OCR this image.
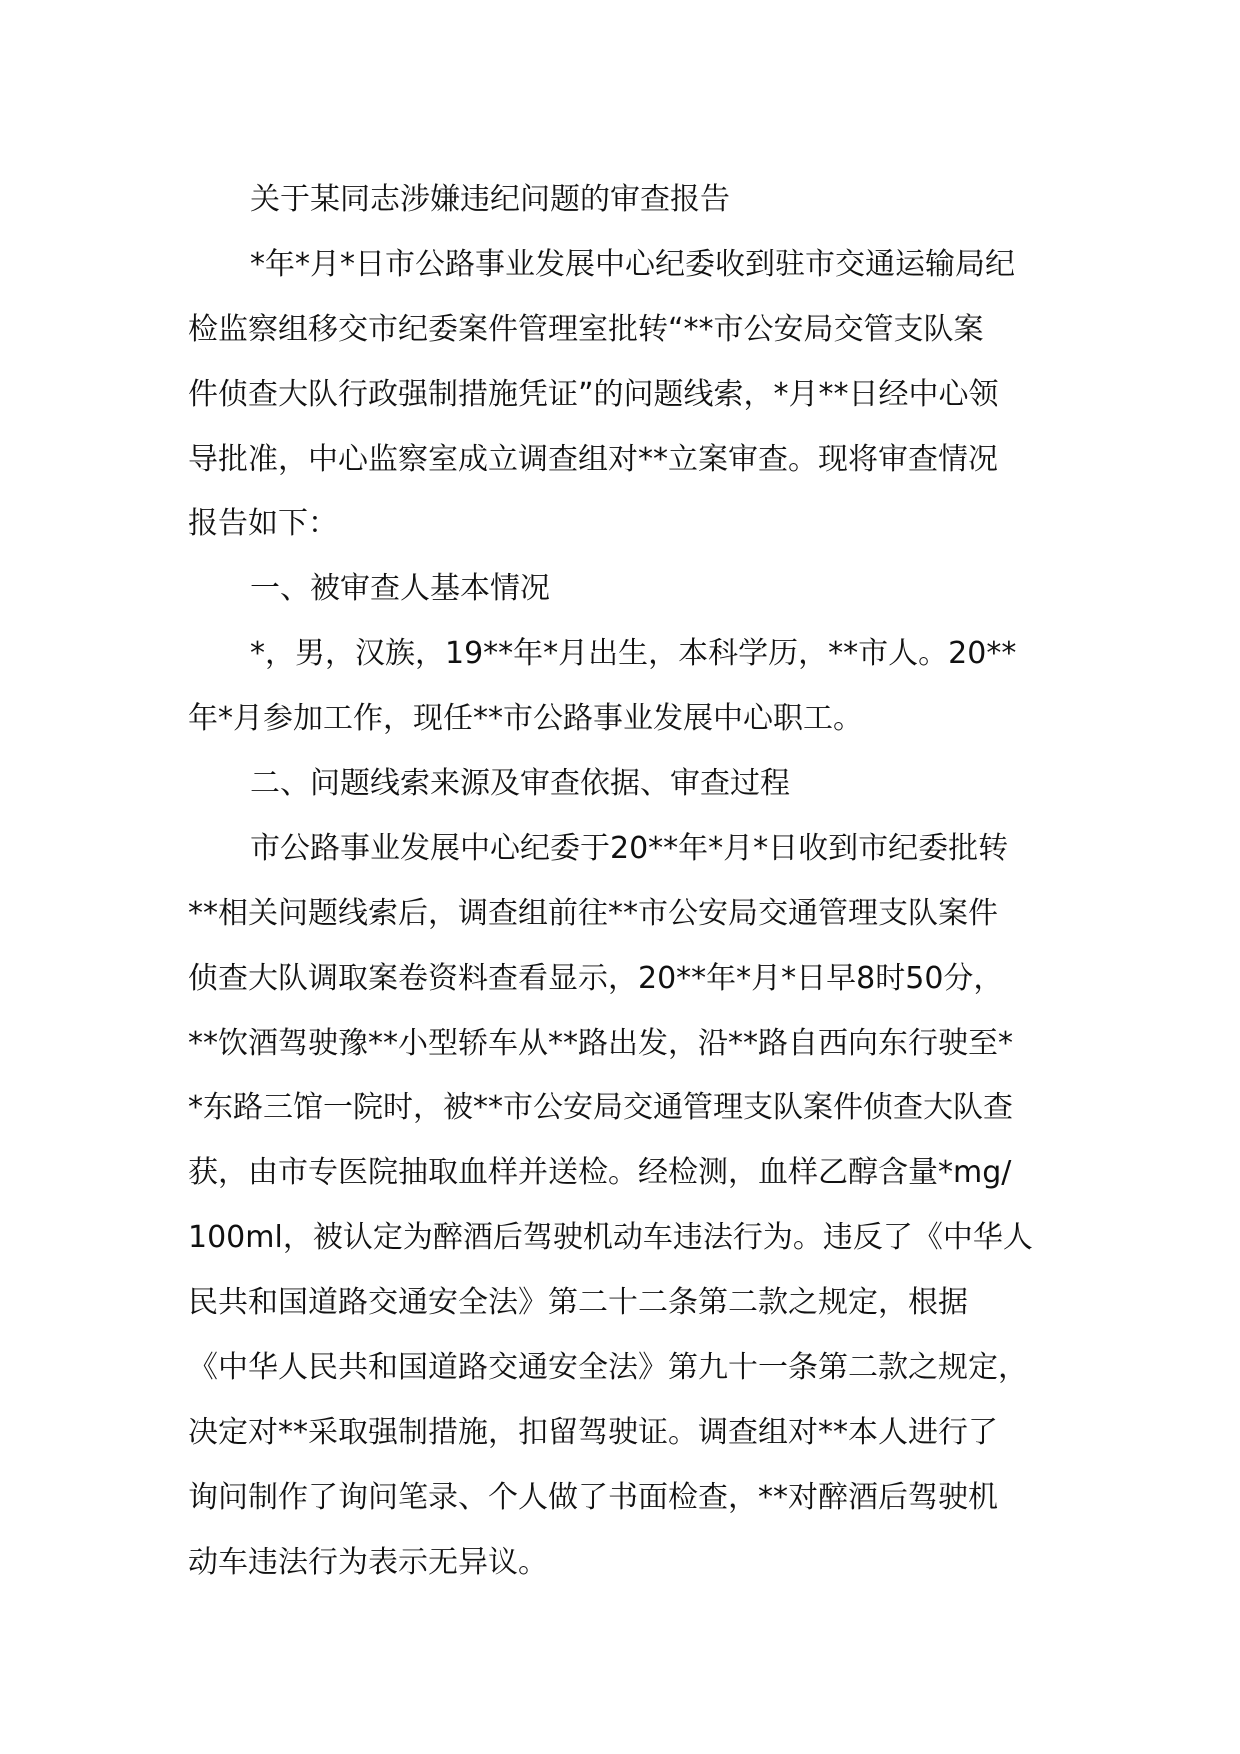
关于某同志涉嫌违纪问题的审查报告
*年*月*日市公路事业发展中心纪委收到驻市交通运输局纪
检监察组移交市纪委案件管理室批转“**市公安局交管支队案
件侦查大队行政强制措施凭证”的问题线索，*月**日经中心领
导批准，中心监察室成立调查组对**立案审查。现将审查情况
报告如下：
一、被审查人基本情况
*，男，汉族，19**年*月出生，本科学历，**市人。20**
年*月参加工作，现任**市公路事业发展中心职工。
二、问题线索来源及审查依据、审查过程
市公路事业发展中心纪委于20**年*月*日收到市纪委批转
**相关问题线索后，调查组前往**市公安局交通管理支队案件
侦查大队调取案卷资料查看显示，20**年*月*日早8时50分，
**饮酒驾驶豫**小型轿车从**路出发，沿**路自西向东行驶至*
*东路三馆一院时，被**市公安局交通管理支队案件侦查大队查
获，由市专医院抽取血样并送检。经检测，血样乙醇含量*mg/
100ml，被认定为醉酒后驾驶机动车违法行为。违反了《中华人
民共和国道路交通安全法》第二十二条第二款之规定，根据
《中华人民共和国道路交通安全法》第九十一条第二款之规定，
决定对**采取强制措施，扣留驾驶证。调查组对**本人进行了
询问制作了询问笔录、个人做了书面检查，**对醉酒后驾驶机
动车违法行为表示无异议。
